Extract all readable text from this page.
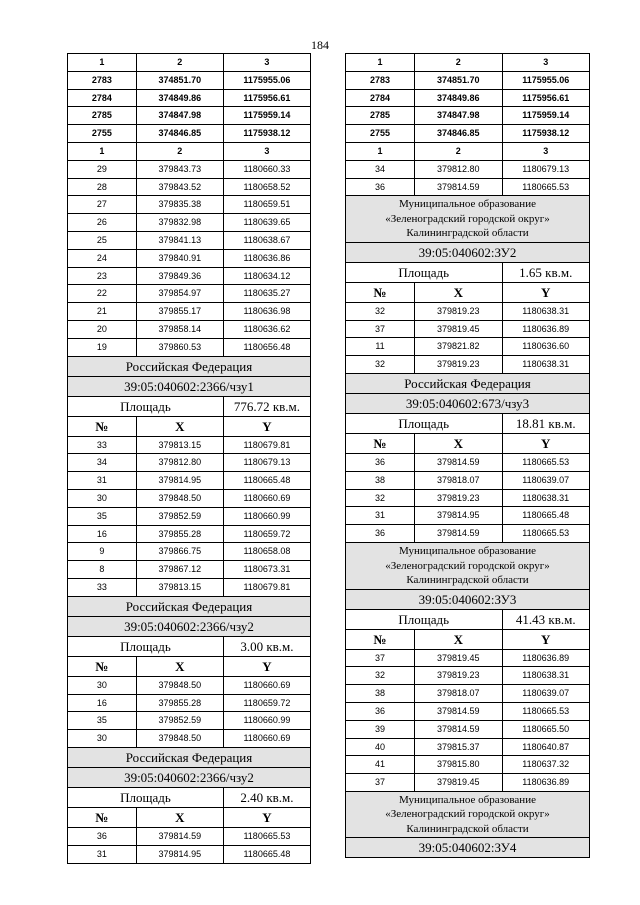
184
1	2	3
2783	374851.70	1175955.06
2784	374849.86	1175956.61
2785	374847.98	1175959.14
2755	374846.85	1175938.12
1	2	3
29	379843.73	1180660.33
28	379843.52	1180658.52
27	379835.38	1180659.51
26	379832.98	1180639.65
25	379841.13	1180638.67
24	379840.91	1180636.86
23	379849.36	1180634.12
22	379854.97	1180635.27
21	379855.17	1180636.98
20	379858.14	1180636.62
19	379860.53	1180656.48
Российская Федерация
39:05:040602:2366/чзу1
Площадь	776.72 кв.м.
№	X	Y
33	379813.15	1180679.81
34	379812.80	1180679.13
31	379814.95	1180665.48
30	379848.50	1180660.69
35	379852.59	1180660.99
16	379855.28	1180659.72
9	379866.75	1180658.08
8	379867.12	1180673.31
33	379813.15	1180679.81
Российская Федерация
39:05:040602:2366/чзу2
Площадь	3.00 кв.м.
№	X	Y
30	379848.50	1180660.69
16	379855.28	1180659.72
35	379852.59	1180660.99
30	379848.50	1180660.69
Российская Федерация
39:05:040602:2366/чзу2
Площадь	2.40 кв.м.
№	X	Y
36	379814.59	1180665.53
31	379814.95	1180665.48
1	2	3
2783	374851.70	1175955.06
2784	374849.86	1175956.61
2785	374847.98	1175959.14
2755	374846.85	1175938.12
1	2	3
34	379812.80	1180679.13
36	379814.59	1180665.53
Муниципальное образование
«Зеленоградский городской округ»
Калининградской области
39:05:040602:ЗУ2
Площадь	1.65 кв.м.
№	X	Y
32	379819.23	1180638.31
37	379819.45	1180636.89
11	379821.82	1180636.60
32	379819.23	1180638.31
Российская Федерация
39:05:040602:673/чзу3
Площадь	18.81 кв.м.
№	X	Y
36	379814.59	1180665.53
38	379818.07	1180639.07
32	379819.23	1180638.31
31	379814.95	1180665.48
36	379814.59	1180665.53
Муниципальное образование
«Зеленоградский городской округ»
Калининградской области
39:05:040602:ЗУ3
Площадь	41.43 кв.м.
№	X	Y
37	379819.45	1180636.89
32	379819.23	1180638.31
38	379818.07	1180639.07
36	379814.59	1180665.53
39	379814.59	1180665.50
40	379815.37	1180640.87
41	379815.80	1180637.32
37	379819.45	1180636.89
Муниципальное образование
«Зеленоградский городской округ»
Калининградской области
39:05:040602:ЗУ4
